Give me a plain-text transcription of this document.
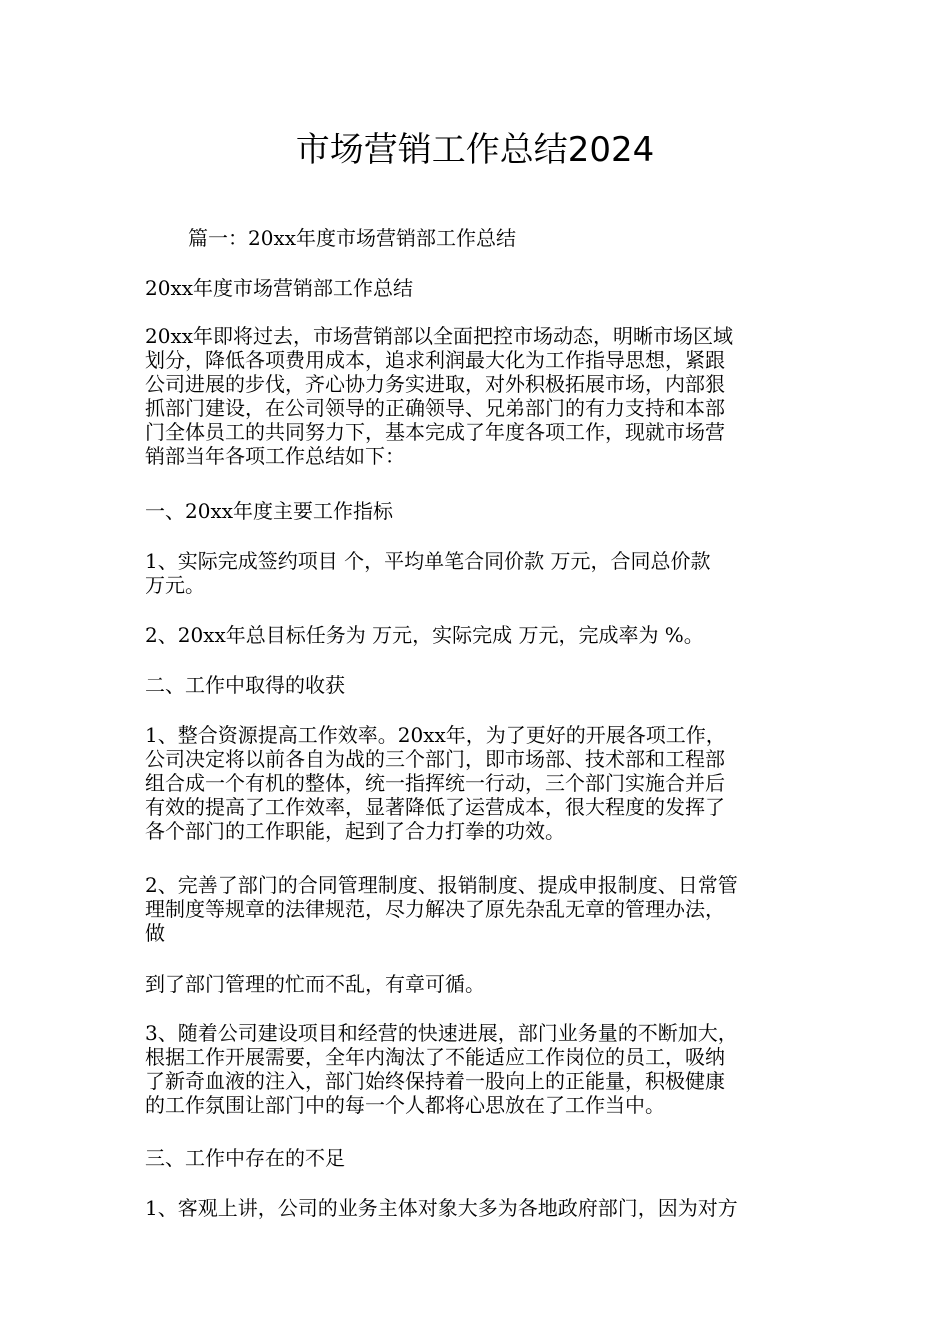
市场营销工作总结2024

篇一：20xx年度市场营销部工作总结

20xx年度市场营销部工作总结

20xx年即将过去，市场营销部以全面把控市场动态，明晰市场区域
划分，降低各项费用成本，追求利润最大化为工作指导思想，紧跟
公司进展的步伐，齐心协力务实进取，对外积极拓展市场，内部狠
抓部门建设，在公司领导的正确领导、兄弟部门的有力支持和本部
门全体员工的共同努力下，基本完成了年度各项工作，现就市场营
销部当年各项工作总结如下：

一、20xx年度主要工作指标

1、实际完成签约项目 个，平均单笔合同价款 万元，合同总价款
万元。

2、20xx年总目标任务为 万元，实际完成 万元，完成率为 %。

二、工作中取得的收获

1、整合资源提高工作效率。20xx年，为了更好的开展各项工作，
公司决定将以前各自为战的三个部门，即市场部、技术部和工程部
组合成一个有机的整体，统一指挥统一行动，三个部门实施合并后
有效的提高了工作效率，显著降低了运营成本，很大程度的发挥了
各个部门的工作职能，起到了合力打拳的功效。

2、完善了部门的合同管理制度、报销制度、提成申报制度、日常管
理制度等规章的法律规范，尽力解决了原先杂乱无章的管理办法，
做

到了部门管理的忙而不乱，有章可循。

3、随着公司建设项目和经营的快速进展，部门业务量的不断加大，
根据工作开展需要，全年内淘汰了不能适应工作岗位的员工，吸纳
了新奇血液的注入，部门始终保持着一股向上的正能量，积极健康
的工作氛围让部门中的每一个人都将心思放在了工作当中。

三、工作中存在的不足

1、客观上讲，公司的业务主体对象大多为各地政府部门，因为对方
